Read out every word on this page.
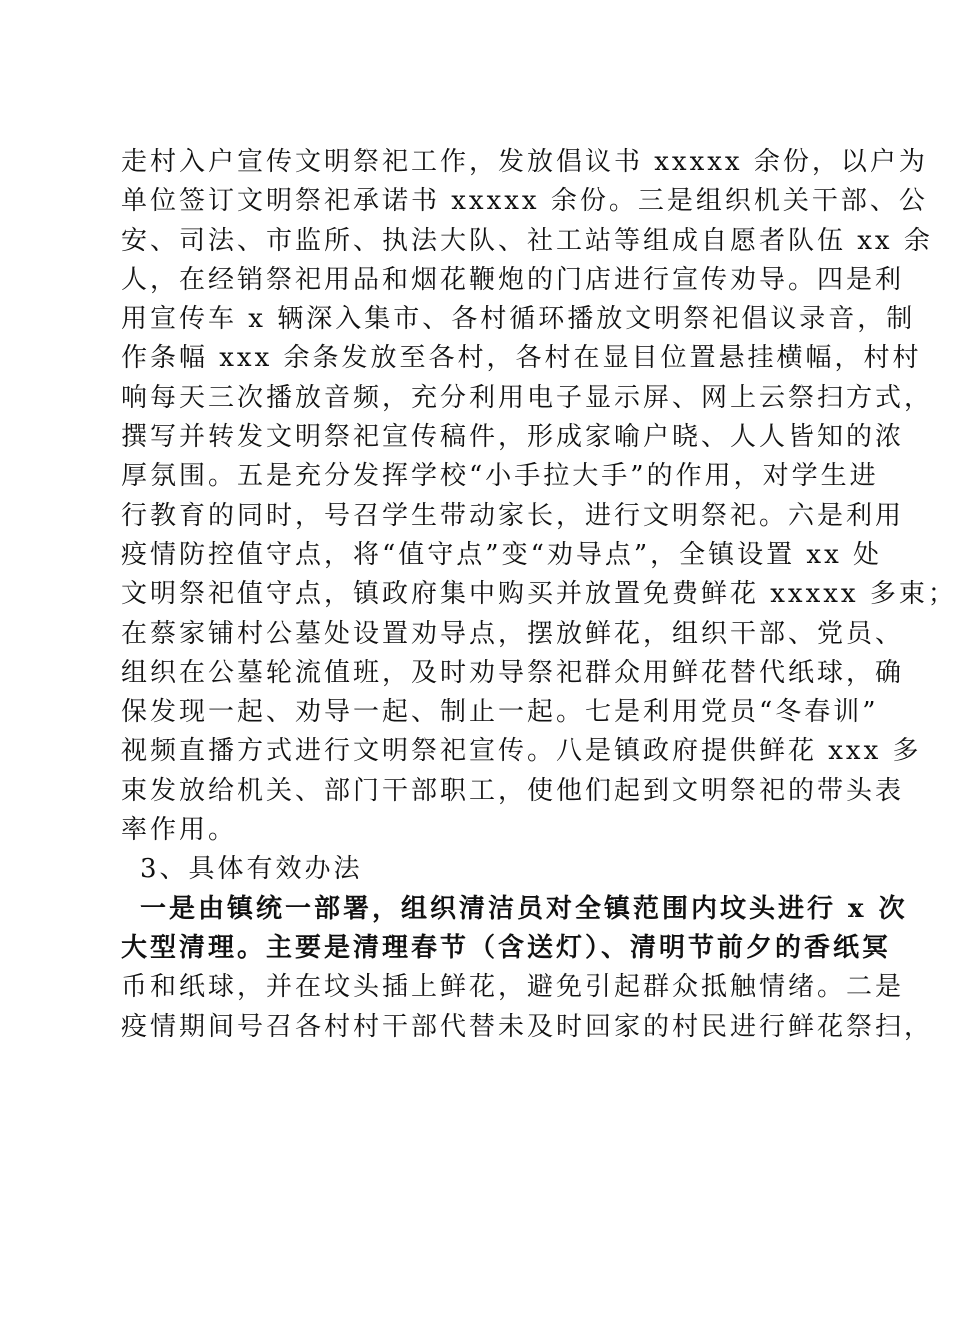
走村入户宣传文明祭祀工作，发放倡议书 xxxxx 余份，以户为
单位签订文明祭祀承诺书 xxxxx 余份。三是组织机关干部、公
安、司法、市监所、执法大队、社工站等组成自愿者队伍 xx 余
人，在经销祭祀用品和烟花鞭炮的门店进行宣传劝导。四是利
用宣传车 x 辆深入集市、各村循环播放文明祭祀倡议录音，制
作条幅 xxx 余条发放至各村，各村在显目位置悬挂横幅，村村
响每天三次播放音频，充分利用电子显示屏、网上云祭扫方式，
撰写并转发文明祭祀宣传稿件，形成家喻户晓、人人皆知的浓
厚氛围。五是充分发挥学校“小手拉大手”的作用，对学生进
行教育的同时，号召学生带动家长，进行文明祭祀。六是利用
疫情防控值守点，将“值守点”变“劝导点”，全镇设置 xx 处
文明祭祀值守点，镇政府集中购买并放置免费鲜花 xxxxx 多束；
在蔡家铺村公墓处设置劝导点，摆放鲜花，组织干部、党员、
组织在公墓轮流值班，及时劝导祭祀群众用鲜花替代纸球，确
保发现一起、劝导一起、制止一起。七是利用党员“冬春训”
视频直播方式进行文明祭祀宣传。八是镇政府提供鲜花 xxx 多
束发放给机关、部门干部职工，使他们起到文明祭祀的带头表
率作用。
3、具体有效办法
一是由镇统一部署，组织清洁员对全镇范围内坟头进行 x 次
大型清理。主要是清理春节（含送灯）、清明节前夕的香纸冥
币和纸球，并在坟头插上鲜花，避免引起群众抵触情绪。二是
疫情期间号召各村村干部代替未及时回家的村民进行鲜花祭扫，
